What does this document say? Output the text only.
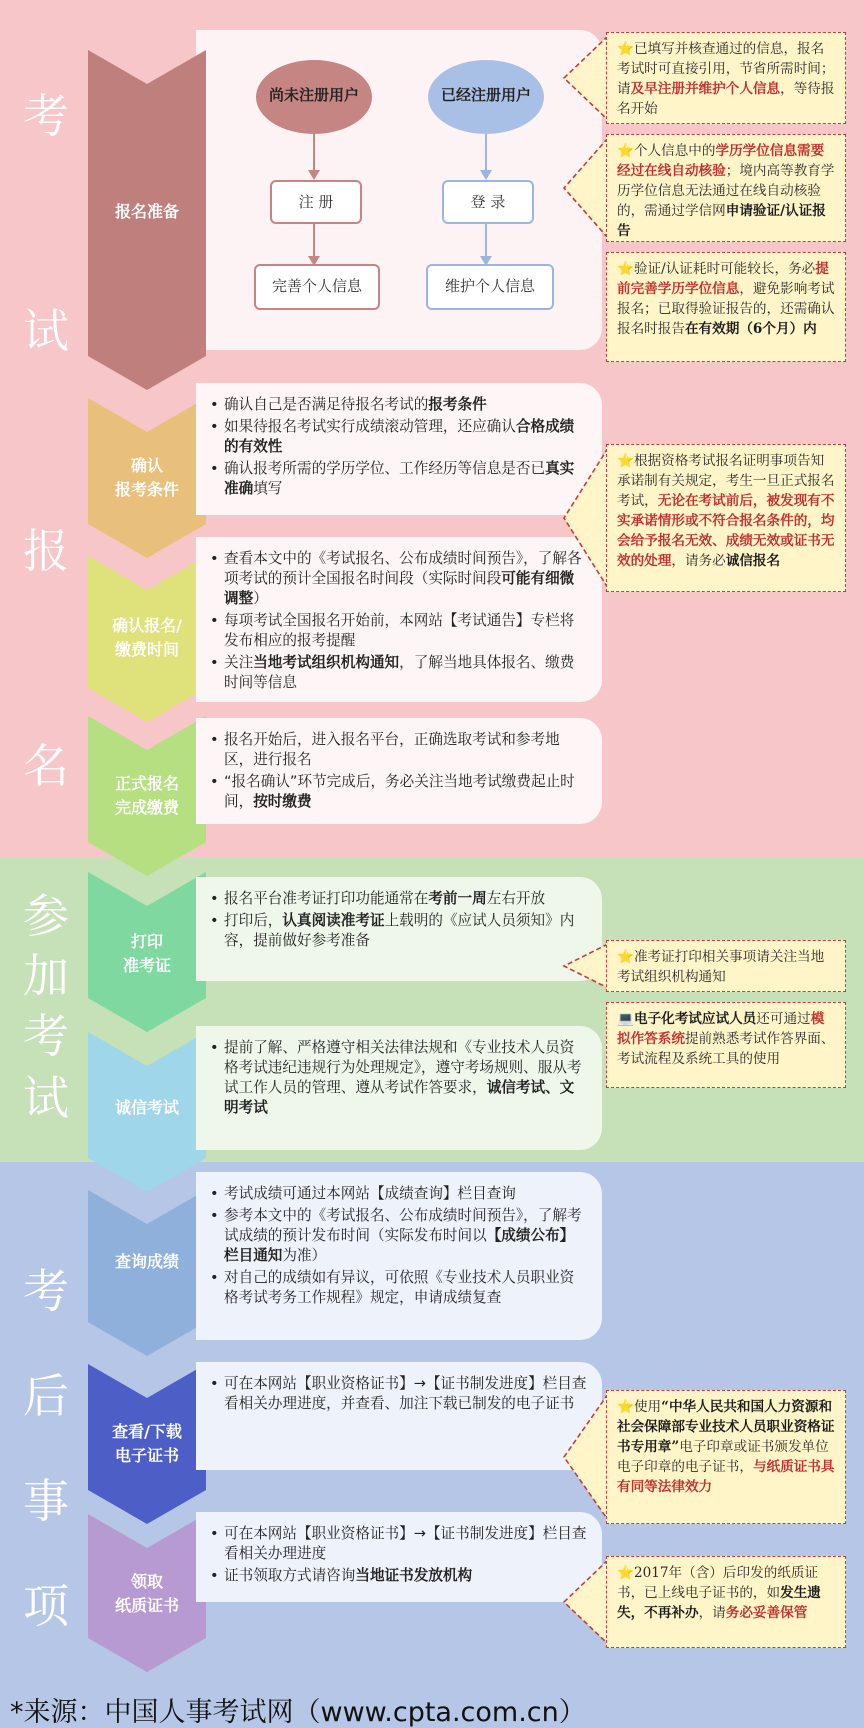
考
试
报
名
参
加
考
试
考
后
事
项
尚未注册用户	已经注册用户
注 册	登 录
完善个人信息	维护个人信息
报名准备
确认
报考条件
确认报名/
缴费时间
正式报名
完成缴费
打印
准考证
诚信考试
查询成绩
查看/下载
电子证书
领取
纸质证书
• 确认自己是否满足待报名考试的报考条件
• 如果待报名考试实行成绩滚动管理，还应确认合格成绩的有效性
• 确认报考所需的学历学位、工作经历等信息是否已真实准确填写
• 查看本文中的《考试报名、公布成绩时间预告》，了解各项考试的预计全国报名时间段（实际时间段可能有细微调整）
• 每项考试全国报名开始前，本网站【考试通告】专栏将发布相应的报考提醒
• 关注当地考试组织机构通知，了解当地具体报名、缴费时间等信息
• 报名开始后，进入报名平台，正确选取考试和参考地区，进行报名
• “报名确认”环节完成后，务必关注当地考试缴费起止时间，按时缴费
• 报名平台准考证打印功能通常在考前一周左右开放
• 打印后，认真阅读准考证上载明的《应试人员须知》内容，提前做好参考准备
• 提前了解、严格遵守相关法律法规和《专业技术人员资格考试违纪违规行为处理规定》，遵守考场规则、服从考试工作人员的管理、遵从考试作答要求，诚信考试、文明考试
• 考试成绩可通过本网站【成绩查询】栏目查询
• 参考本文中的《考试报名、公布成绩时间预告》，了解考试成绩的预计发布时间（实际发布时间以【成绩公布】栏目通知为准）
• 对自己的成绩如有异议，可依照《专业技术人员职业资格考试考务工作规程》规定，申请成绩复查
• 可在本网站【职业资格证书】→【证书制发进度】栏目查看相关办理进度，并查看、加注下载已制发的电子证书
• 可在本网站【职业资格证书】→【证书制发进度】栏目查看相关办理进度
• 证书领取方式请咨询当地证书发放机构
⭐已填写并核查通过的信息，报名考试时可直接引用，节省所需时间；请及早注册并维护个人信息，等待报名开始
⭐个人信息中的学历学位信息需要经过在线自动核验；境内高等教育学历学位信息无法通过在线自动核验的，需通过学信网申请验证/认证报告
⭐验证/认证耗时可能较长，务必提前完善学历学位信息，避免影响考试报名；已取得验证报告的，还需确认报名时报告在有效期（6个月）内
⭐根据资格考试报名证明事项告知承诺制有关规定，考生一旦正式报名考试，无论在考试前后，被发现有不实承诺情形或不符合报名条件的，均会给予报名无效、成绩无效或证书无效的处理，请务必诚信报名
⭐准考证打印相关事项请关注当地考试组织机构通知
💻电子化考试应试人员还可通过模拟作答系统提前熟悉考试作答界面、考试流程及系统工具的使用
⭐使用“中华人民共和国人力资源和社会保障部专业技术人员职业资格证书专用章”电子印章或证书颁发单位电子印章的电子证书，与纸质证书具有同等法律效力
⭐2017年（含）后印发的纸质证书，已上线电子证书的，如发生遗失，不再补办，请务必妥善保管
*来源：中国人事考试网（www.cpta.com.cn）
